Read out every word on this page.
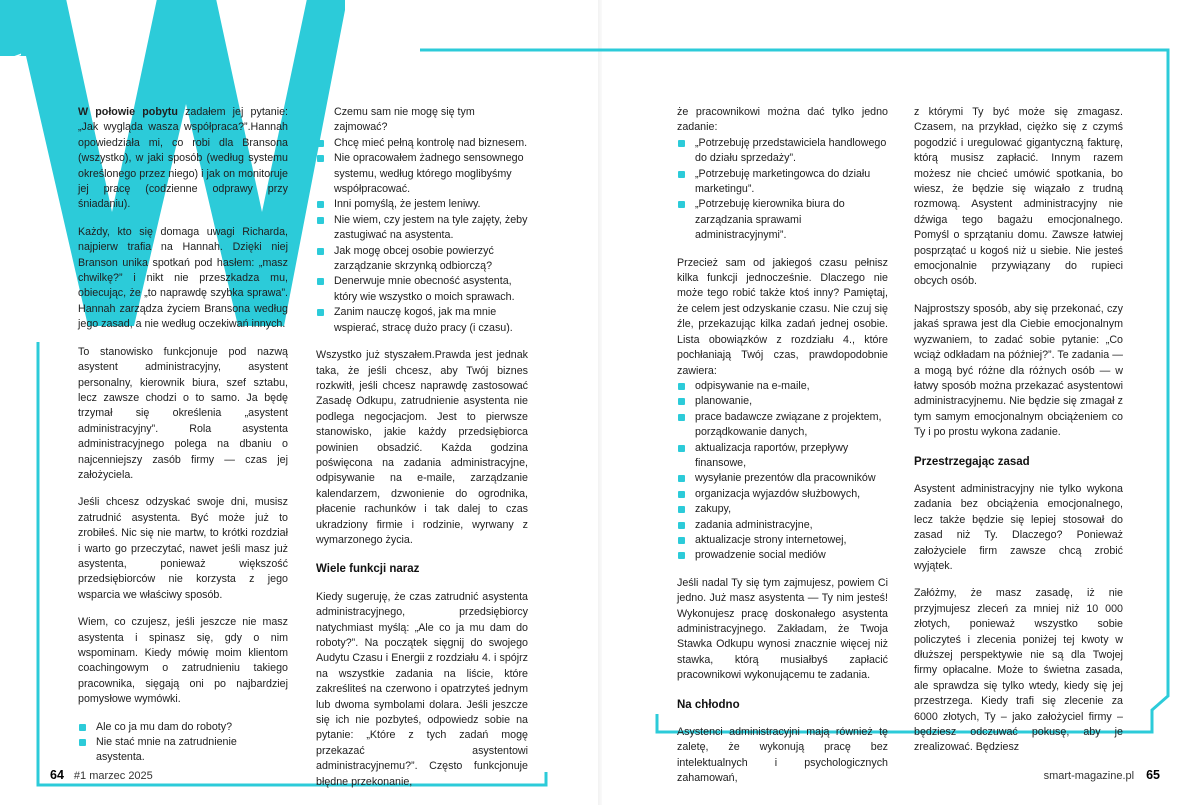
MOJA FIRMA	W połowie pobytu zadałem jej pytanie: „Jak wygląda wasza współpraca?”.Hannah opowiedziała mi, co robi dla Bransona (wszystko), w jaki sposób (według systemu określonego przez niego) i jak on monitoruje jej pracę (codzienne odprawy przy śniadaniu).

Każdy, kto się domaga uwagi Richarda, najpierw trafia na Hannah. Dzięki niej Branson unika spotkań pod hasłem: „masz chwilkę?” i nikt nie przeszkadza mu, obiecując, że „to naprawdę szybka sprawa”. Hannah zarządza życiem Bransona według jego zasad, a nie według oczekiwań innych.

To stanowisko funkcjonuje pod nazwą asystent administracyjny, asystent personalny, kierownik biura, szef sztabu, lecz zawsze chodzi o to samo. Ja będę trzymał się określenia „asystent administracyjny”. Rola asystenta administracyjnego polega na dbaniu o najcenniejszy zasób firmy — czas jej założyciela.

Jeśli chcesz odzyskać swoje dni, musisz zatrudnić asystenta. Być może już to zrobiłeś. Nic się nie martw, to krótki rozdział i warto go przeczytać, nawet jeśli masz już asystenta, ponieważ większość przedsiębiorców nie korzysta z jego wsparcia we właściwy sposób.

Wiem, co czujesz, jeśli jeszcze nie masz asystenta i spinasz się, gdy o nim wspominam. Kiedy mówię moim klientom coachingowym o zatrudnieniu takiego pracownika, sięgają oni po najbardziej pomysłowe wymówki.

Ale co ja mu dam do roboty?
Nie stać mnie na zatrudnienie asystenta.
Czemu sam nie mogę się tym zajmować?
Chcę mieć pełną kontrolę nad biznesem.
Nie opracowałem żadnego sensownego systemu, według którego moglibyśmy współpracować.
Inni pomyślą, że jestem leniwy.
Nie wiem, czy jestem na tyle zajęty, żeby zastugiwać na asystenta.
Jak mogę obcej osobie powierzyć zarządzanie skrzynką odbiorczą?
Denerwuje mnie obecność asystenta, który wie wszystko o moich sprawach.
Zanim nauczę kogoś, jak ma mnie wspierać, stracę dużo pracy (i czasu).

Wszystko już styszałem.Prawda jest jednak taka, że jeśli chcesz, aby Twój biznes rozkwitł, jeśli chcesz naprawdę zastosować Zasadę Odkupu, zatrudnienie asystenta nie podlega negocjacjom. Jest to pierwsze stanowisko, jakie każdy przedsiębiorca powinien obsadzić. Każda godzina poświęcona na zadania administracyjne, odpisywanie na e-maile, zarządzanie kalendarzem, dzwonienie do ogrodnika, płacenie rachunków i tak dalej to czas ukradziony firmie i rodzinie, wyrwany z wymarzonego życia.

Wiele funkcji naraz

Kiedy sugeruję, że czas zatrudnić asystenta administracyjnego, przedsiębiorcy natychmiast myślą: „Ale co ja mu dam do roboty?”. Na początek sięgnij do swojego Audytu Czasu i Energii z rozdziału 4. i spójrz na wszystkie zadania na liście, które zakreśliteś na czerwono i opatrzyteś jednym lub dwoma symbolami dolara. Jeśli jeszcze się ich nie pozbyteś, odpowiedz sobie na pytanie: „Które z tych zadań mogę przekazać asystentowi administracyjnemu?”. Często funkcjonuje błędne przekonanie,

że pracownikowi można dać tylko jedno zadanie:

„Potrzebuję przedstawiciela handlowego do działu sprzedaży”.
„Potrzebuję marketingowca do działu marketingu”.
„Potrzebuję kierownika biura do zarządzania sprawami administracyjnymi”.

Przecież sam od jakiegoś czasu pełnisz kilka funkcji jednocześnie. Dlaczego nie może tego robić także ktoś inny? Pamiętaj, że celem jest odzyskanie czasu. Nie czuj się źle, przekazując kilka zadań jednej osobie. Lista obowiązków z rozdziału 4., które pochłaniają Twój czas, prawdopodobnie zawiera:

odpisywanie na e-maile,
planowanie,
prace badawcze związane z projektem, porządkowanie danych,
aktualizacja raportów, przepływy finansowe,
wysyłanie prezentów dla pracowników
organizacja wyjazdów służbowych,
zakupy,
zadania administracyjne,
aktualizacje strony internetowej,
prowadzenie social mediów

Jeśli nadal Ty się tym zajmujesz, powiem Ci jedno. Już masz asystenta — Ty nim jesteś! Wykonujesz pracę doskonałego asystenta administracyjnego. Zakładam, że Twoja Stawka Odkupu wynosi znacznie więcej niż stawka, którą musiałbyś zapłacić pracownikowi wykonującemu te zadania.

Na chłodno

Asystenci administracyjni mają również tę zaletę, że wykonują pracę bez intelektualnych i psychologicznych zahamowań,

z którymi Ty być może się zmagasz. Czasem, na przykład, ciężko się z czymś pogodzić i uregulować gigantyczną fakturę, którą musisz zapłacić. Innym razem możesz nie chcieć umówić spotkania, bo wiesz, że będzie się wiązało z trudną rozmową. Asystent administracyjny nie dźwiga tego bagażu emocjonalnego. Pomyśl o sprzątaniu domu. Zawsze łatwiej posprzątać u kogoś niż u siebie. Nie jesteś emocjonalnie przywiązany do rupieci obcych osób.

Najprostszy sposób, aby się przekonać, czy jakaś sprawa jest dla Ciebie emocjonalnym wyzwaniem, to zadać sobie pytanie: „Co wciąż odkładam na później?”. Te zadania — a mogą być różne dla różnych osób — w łatwy sposób można przekazać asystentowi administracyjnemu. Nie będzie się zmagał z tym samym emocjonalnym obciążeniem co Ty i po prostu wykona zadanie.

Przestrzegając zasad

Asystent administracyjny nie tylko wykona zadania bez obciążenia emocjonalnego, lecz także będzie się lepiej stosował do zasad niż Ty. Dlaczego? Ponieważ założyciele firm zawsze chcą zrobić wyjątek.

Załóżmy, że masz zasadę, iż nie przyjmujesz zleceń za mniej niż 10 000 złotych, ponieważ wszystko sobie policzyteś i zlecenia poniżej tej kwoty w dłuższej perspektywie nie są dla Twojej firmy opłacalne. Może to świetna zasada, ale sprawdza się tylko wtedy, kiedy się jej przestrzega. Kiedy trafi się zlecenie za 6000 złotych, Ty – jako założyciel firmy – będziesz odczuwać pokusę, aby je zrealizować. Będziesz

64 #1 marzec 2025	smart-magazine.pl 65
